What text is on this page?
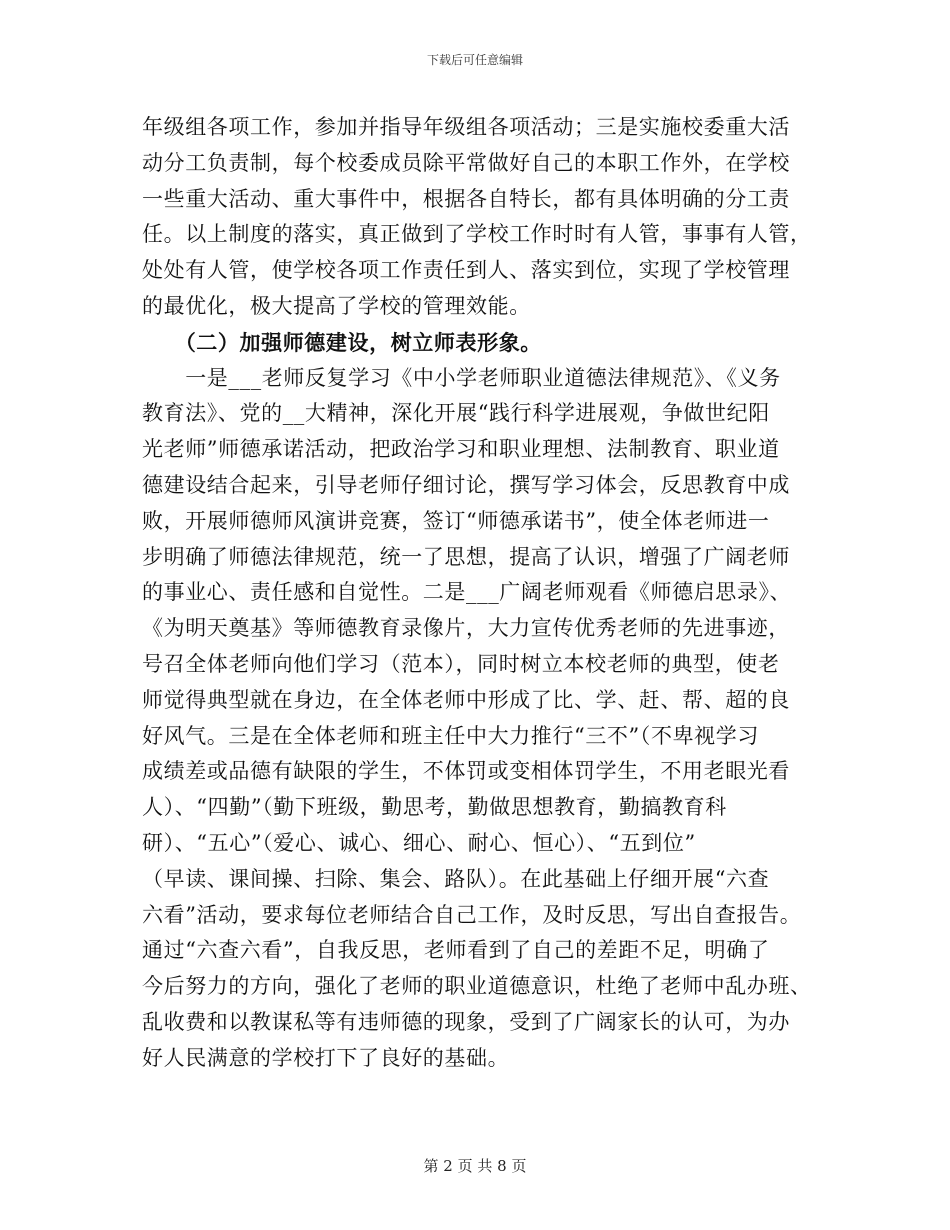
下载后可任意编辑
年级组各项工作，参加并指导年级组各项活动；三是实施校委重大活
动分工负责制，每个校委成员除平常做好自己的本职工作外，在学校
一些重大活动、重大事件中，根据各自特长，都有具体明确的分工责
任。以上制度的落实，真正做到了学校工作时时有人管，事事有人管，
处处有人管，使学校各项工作责任到人、落实到位，实现了学校管理
的最优化，极大提高了学校的管理效能。
　　（二）加强师德建设，树立师表形象。
　　一是___老师反复学习《中小学老师职业道德法律规范》、《义务
教育法》、党的__大精神，深化开展“践行科学进展观，争做世纪阳
光老师”师德承诺活动，把政治学习和职业理想、法制教育、职业道
德建设结合起来，引导老师仔细讨论，撰写学习体会，反思教育中成
败，开展师德师风演讲竞赛，签订“师德承诺书”，使全体老师进一
步明确了师德法律规范，统一了思想，提高了认识，增强了广阔老师
的事业心、责任感和自觉性。二是___广阔老师观看《师德启思录》、
《为明天奠基》等师德教育录像片，大力宣传优秀老师的先进事迹，
号召全体老师向他们学习（范本），同时树立本校老师的典型，使老
师觉得典型就在身边，在全体老师中形成了比、学、赶、帮、超的良
好风气。三是在全体老师和班主任中大力推行“三不”（不卑视学习
成绩差或品德有缺限的学生，不体罚或变相体罚学生，不用老眼光看
人）、“四勤”（勤下班级，勤思考，勤做思想教育，勤搞教育科
研）、“五心”（爱心、诚心、细心、耐心、恒心）、“五到位”
（早读、课间操、扫除、集会、路队）。在此基础上仔细开展“六查
六看”活动，要求每位老师结合自己工作，及时反思，写出自查报告。
通过“六查六看”，自我反思，老师看到了自己的差距不足，明确了
今后努力的方向，强化了老师的职业道德意识，杜绝了老师中乱办班、
乱收费和以教谋私等有违师德的现象，受到了广阔家长的认可，为办
好人民满意的学校打下了良好的基础。
第 2 页 共 8 页
